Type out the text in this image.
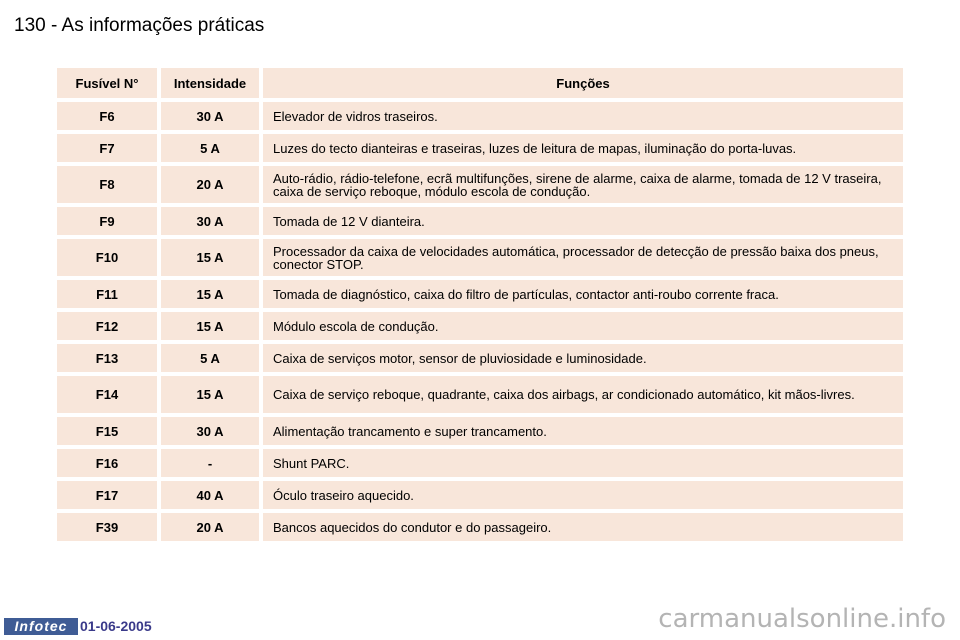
130 - As informações práticas
Fusível N°	Intensidade	Funções
F6	30 A	Elevador de vidros traseiros.
F7	5 A	Luzes do tecto dianteiras e traseiras, luzes de leitura de mapas, iluminação do porta-luvas.
F8	20 A	Auto-rádio, rádio-telefone, ecrã multifunções, sirene de alarme, caixa de alarme, tomada de 12 V traseira, caixa de serviço reboque, módulo escola de condução.
F9	30 A	Tomada de 12 V dianteira.
F10	15 A	Processador da caixa de velocidades automática, processador de detecção de pressão baixa dos pneus, conector STOP.
F11	15 A	Tomada de diagnóstico, caixa do filtro de partículas, contactor anti-roubo corrente fraca.
F12	15 A	Módulo escola de condução.
F13	5 A	Caixa de serviços motor, sensor de pluviosidade e luminosidade.
F14	15 A	Caixa de serviço reboque, quadrante, caixa dos airbags, ar condicionado automático, kit mãos-livres.
F15	30 A	Alimentação trancamento e super trancamento.
F16	-	Shunt PARC.
F17	40 A	Óculo traseiro aquecido.
F39	20 A	Bancos aquecidos do condutor e do passageiro.
Infotec 01-06-2005	carmanualsonline.info
